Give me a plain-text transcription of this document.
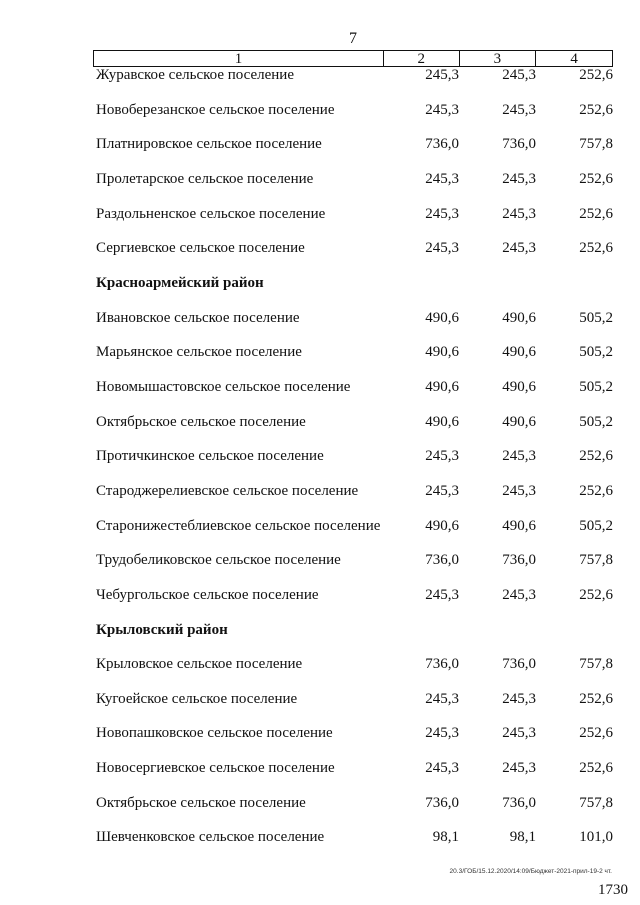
7
1	2	3	4
Журавское сельское поселение	245,3	245,3	252,6
Новоберезанское сельское поселение	245,3	245,3	252,6
Платнировское сельское поселение	736,0	736,0	757,8
Пролетарское сельское поселение	245,3	245,3	252,6
Раздольненское сельское поселение	245,3	245,3	252,6
Сергиевское сельское поселение	245,3	245,3	252,6
Красноармейский район
Ивановское сельское поселение	490,6	490,6	505,2
Марьянское сельское поселение	490,6	490,6	505,2
Новомышастовское сельское поселение	490,6	490,6	505,2
Октябрьское сельское поселение	490,6	490,6	505,2
Протичкинское сельское поселение	245,3	245,3	252,6
Староджерелиевское сельское поселение	245,3	245,3	252,6
Старонижестеблиевское сельское поселение	490,6	490,6	505,2
Трудобеликовское сельское поселение	736,0	736,0	757,8
Чебургольское сельское поселение	245,3	245,3	252,6
Крыловский район
Крыловское сельское поселение	736,0	736,0	757,8
Кугоейское сельское поселение	245,3	245,3	252,6
Новопашковское сельское поселение	245,3	245,3	252,6
Новосергиевское сельское поселение	245,3	245,3	252,6
Октябрьское сельское поселение	736,0	736,0	757,8
Шевченковское сельское поселение	98,1	98,1	101,0
20.3/ГОБ/15.12.2020/14:09/Бюджет-2021-прил-19-2 чт.
1730
